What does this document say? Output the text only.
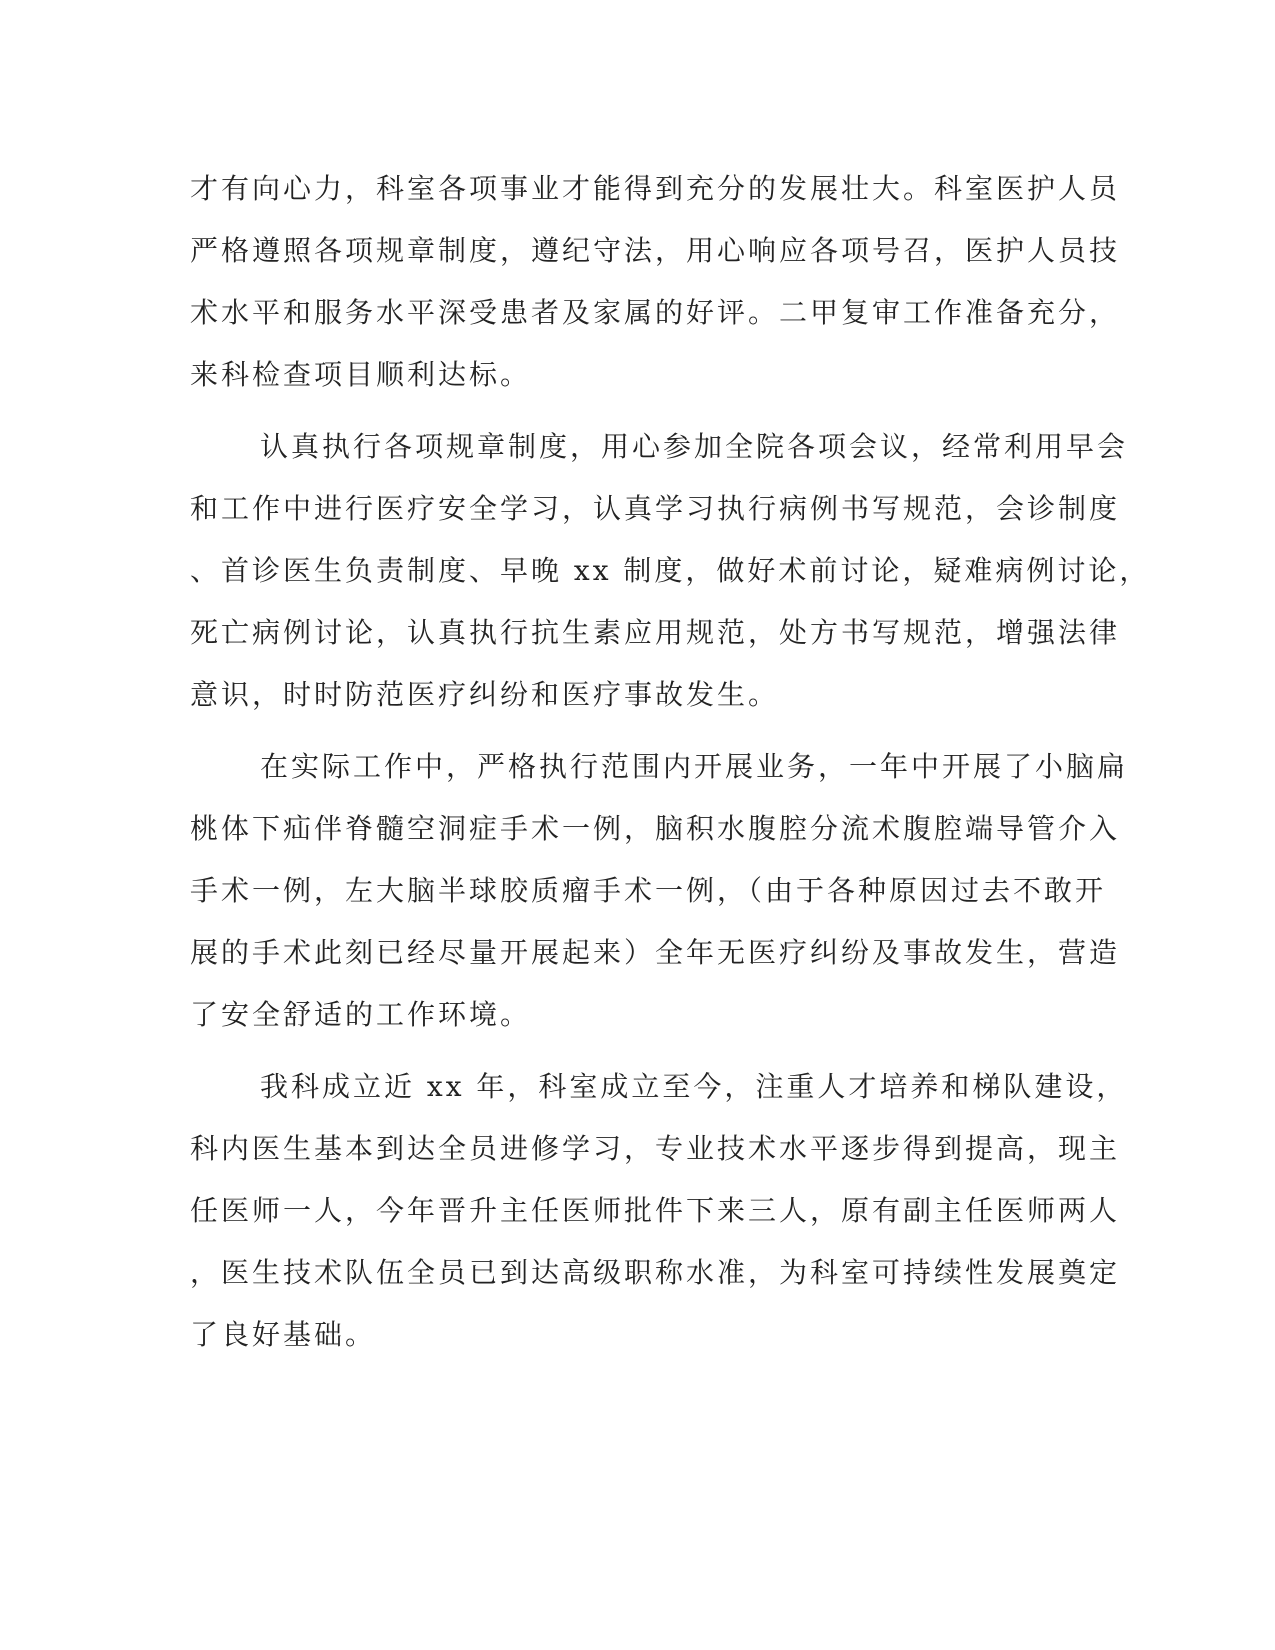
才有向心力，科室各项事业才能得到充分的发展壮大。科室医护人员
严格遵照各项规章制度，遵纪守法，用心响应各项号召，医护人员技
术水平和服务水平深受患者及家属的好评。二甲复审工作准备充分，
来科检查项目顺利达标。
认真执行各项规章制度，用心参加全院各项会议，经常利用早会
和工作中进行医疗安全学习，认真学习执行病例书写规范，会诊制度
、首诊医生负责制度、早晚 xx 制度，做好术前讨论，疑难病例讨论，
死亡病例讨论，认真执行抗生素应用规范，处方书写规范，增强法律
意识，时时防范医疗纠纷和医疗事故发生。
在实际工作中，严格执行范围内开展业务，一年中开展了小脑扁
桃体下疝伴脊髓空洞症手术一例，脑积水腹腔分流术腹腔端导管介入
手术一例，左大脑半球胶质瘤手术一例，（由于各种原因过去不敢开
展的手术此刻已经尽量开展起来）全年无医疗纠纷及事故发生，营造
了安全舒适的工作环境。
我科成立近 xx 年，科室成立至今，注重人才培养和梯队建设，
科内医生基本到达全员进修学习，专业技术水平逐步得到提高，现主
任医师一人，今年晋升主任医师批件下来三人，原有副主任医师两人
，医生技术队伍全员已到达高级职称水准，为科室可持续性发展奠定
了良好基础。
